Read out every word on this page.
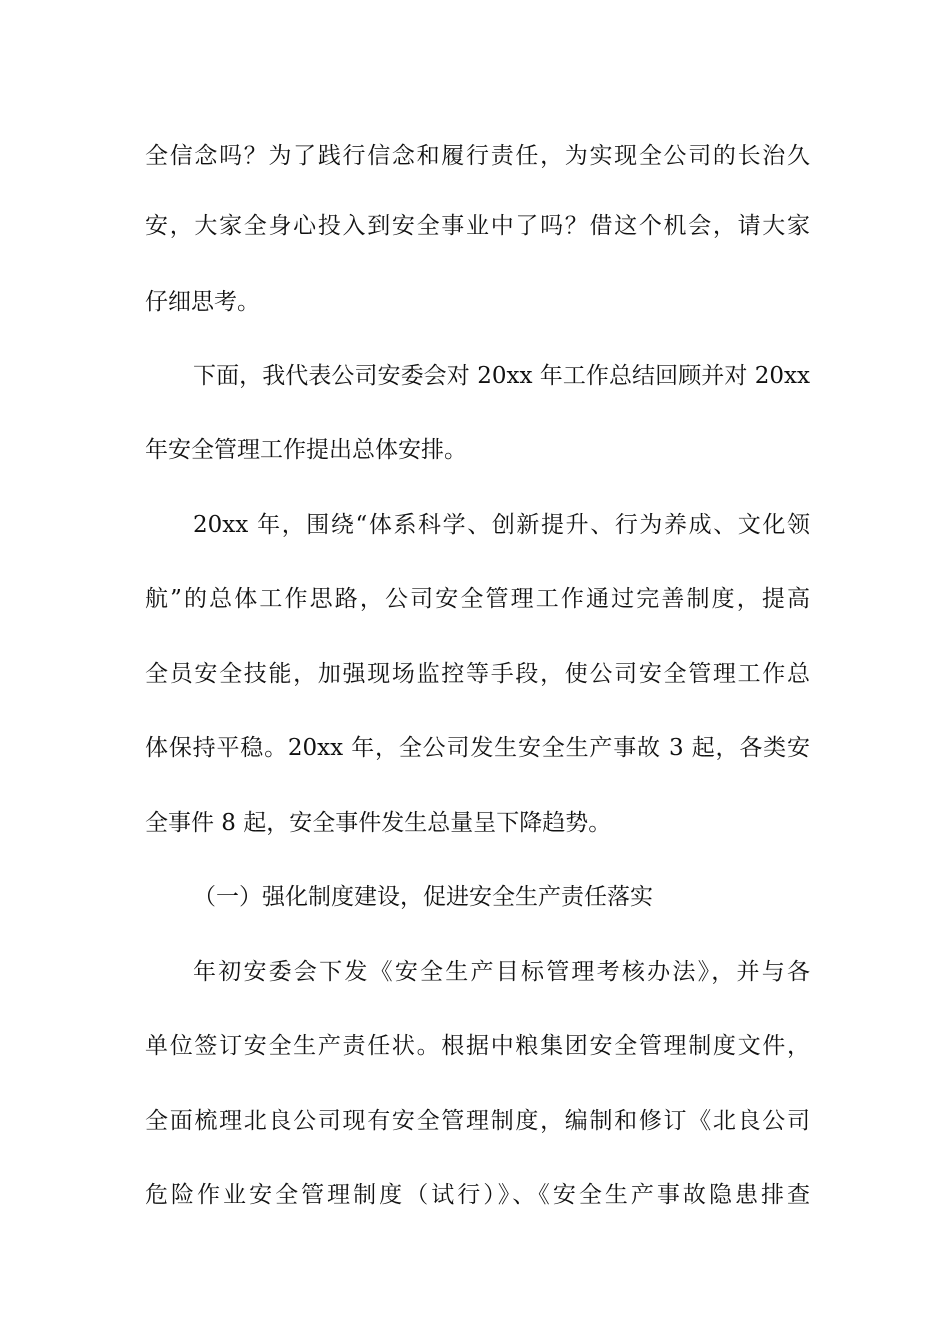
全信念吗？为了践行信念和履行责任，为实现全公司的长治久
安，大家全身心投入到安全事业中了吗？借这个机会，请大家
仔细思考。
下面，我代表公司安委会对 20xx 年工作总结回顾并对 20xx
年安全管理工作提出总体安排。
20xx 年，围绕“体系科学、创新提升、行为养成、文化领
航”的总体工作思路，公司安全管理工作通过完善制度，提高
全员安全技能，加强现场监控等手段，使公司安全管理工作总
体保持平稳。20xx 年，全公司发生安全生产事故 3 起，各类安
全事件 8 起，安全事件发生总量呈下降趋势。
（一）强化制度建设，促进安全生产责任落实
年初安委会下发《安全生产目标管理考核办法》，并与各
单位签订安全生产责任状。根据中粮集团安全管理制度文件，
全面梳理北良公司现有安全管理制度，编制和修订《北良公司
危险作业安全管理制度（试行）》、《安全生产事故隐患排查
